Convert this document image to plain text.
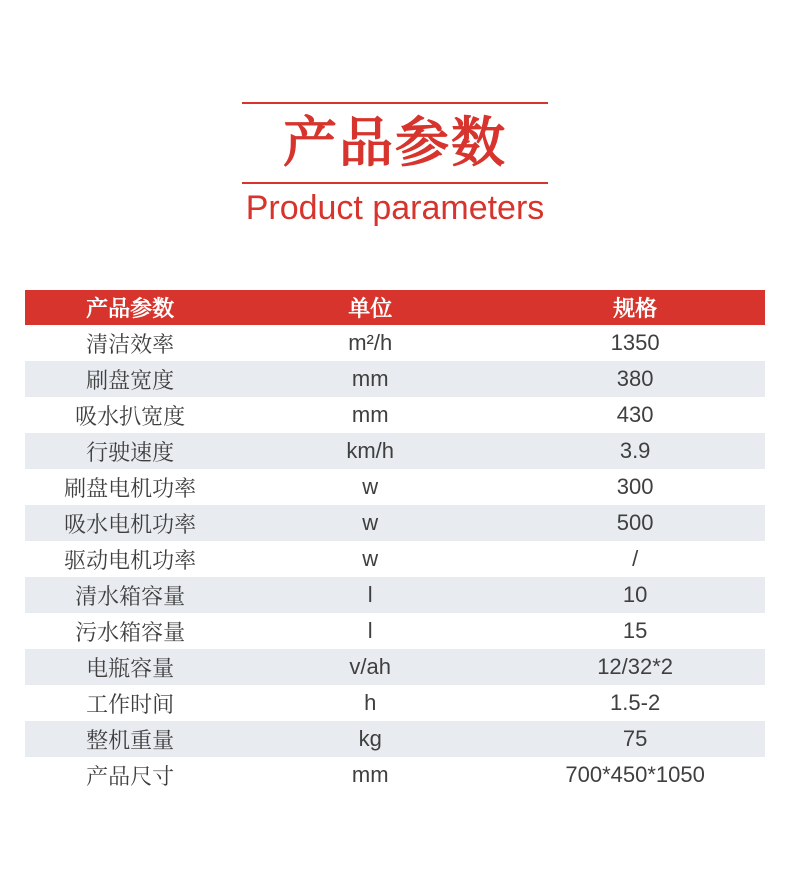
产品参数
Product parameters
产品参数	单位	规格
清洁效率	m²/h	1350
刷盘宽度	mm	380
吸水扒宽度	mm	430
行驶速度	km/h	3.9
刷盘电机功率	w	300
吸水电机功率	w	500
驱动电机功率	w	/
清水箱容量	l	10
污水箱容量	l	15
电瓶容量	v/ah	12/32*2
工作时间	h	1.5-2
整机重量	kg	75
产品尺寸	mm	700*450*1050
